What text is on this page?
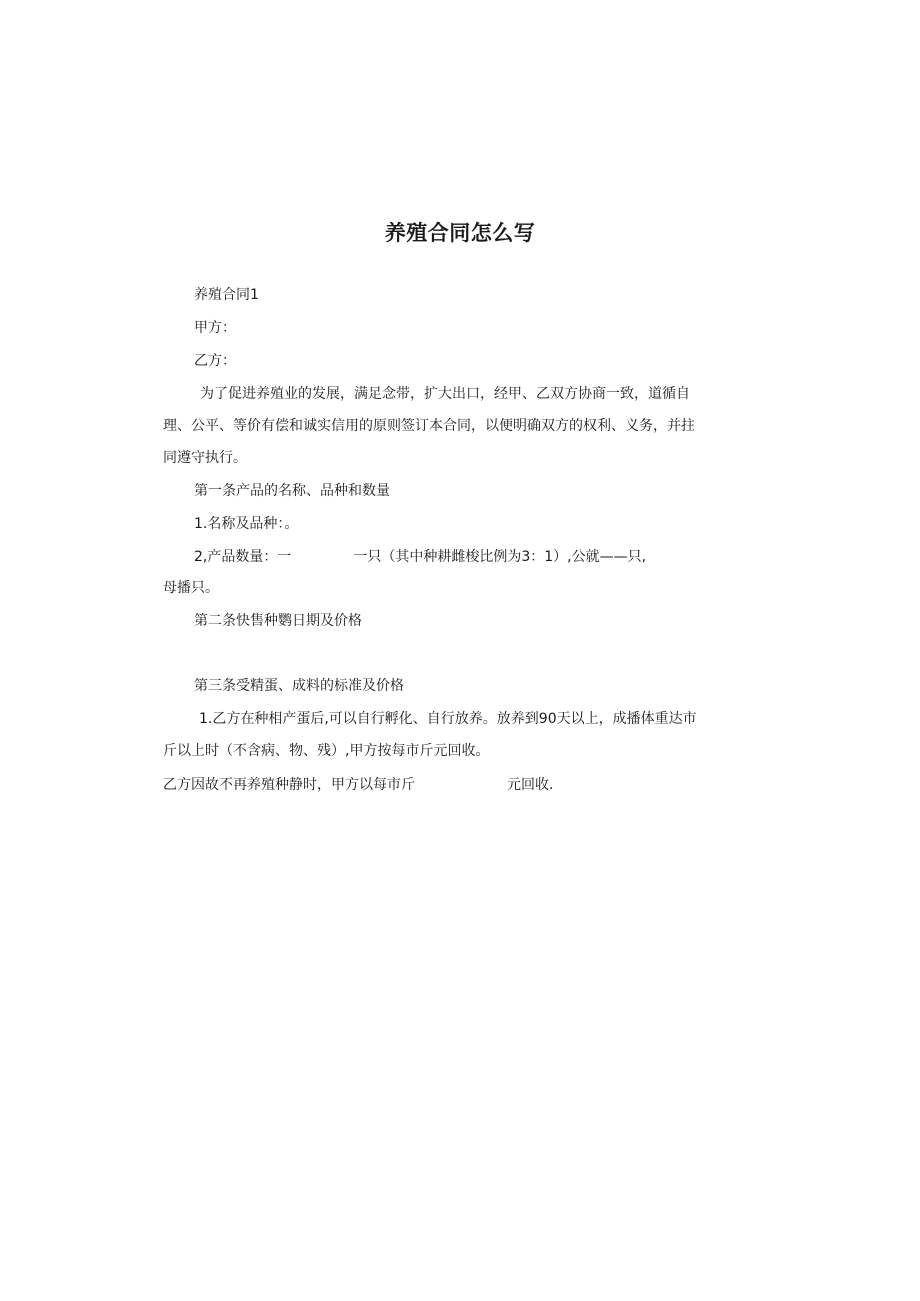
养殖合同怎么写
养殖合同1
甲方：
乙方：
为了促进养殖业的发展，满足念带，扩大出口，经甲、乙双方协商一致，道循自
理、公平、等价有偿和诚实信用的原则签订本合同，以便明确双方的权利、义务，并拄
同遵守执行。
第一条产品的名称、品种和数量
1.名称及品种：。
2,产品数量：一	一只（其中种耕雌梭比例为3：1）,公就——只,
母播只。
第二条快售种鹦日期及价格
第三条受精蛋、成料的标准及价格
1.乙方在种相产蛋后,可以自行孵化、自行放养。放养到90天以上，成播体重达市
斤以上时（不含病、物、残）,甲方按每市斤元回收。
乙方因故不再养殖种静时，甲方以每市斤	元回收.
